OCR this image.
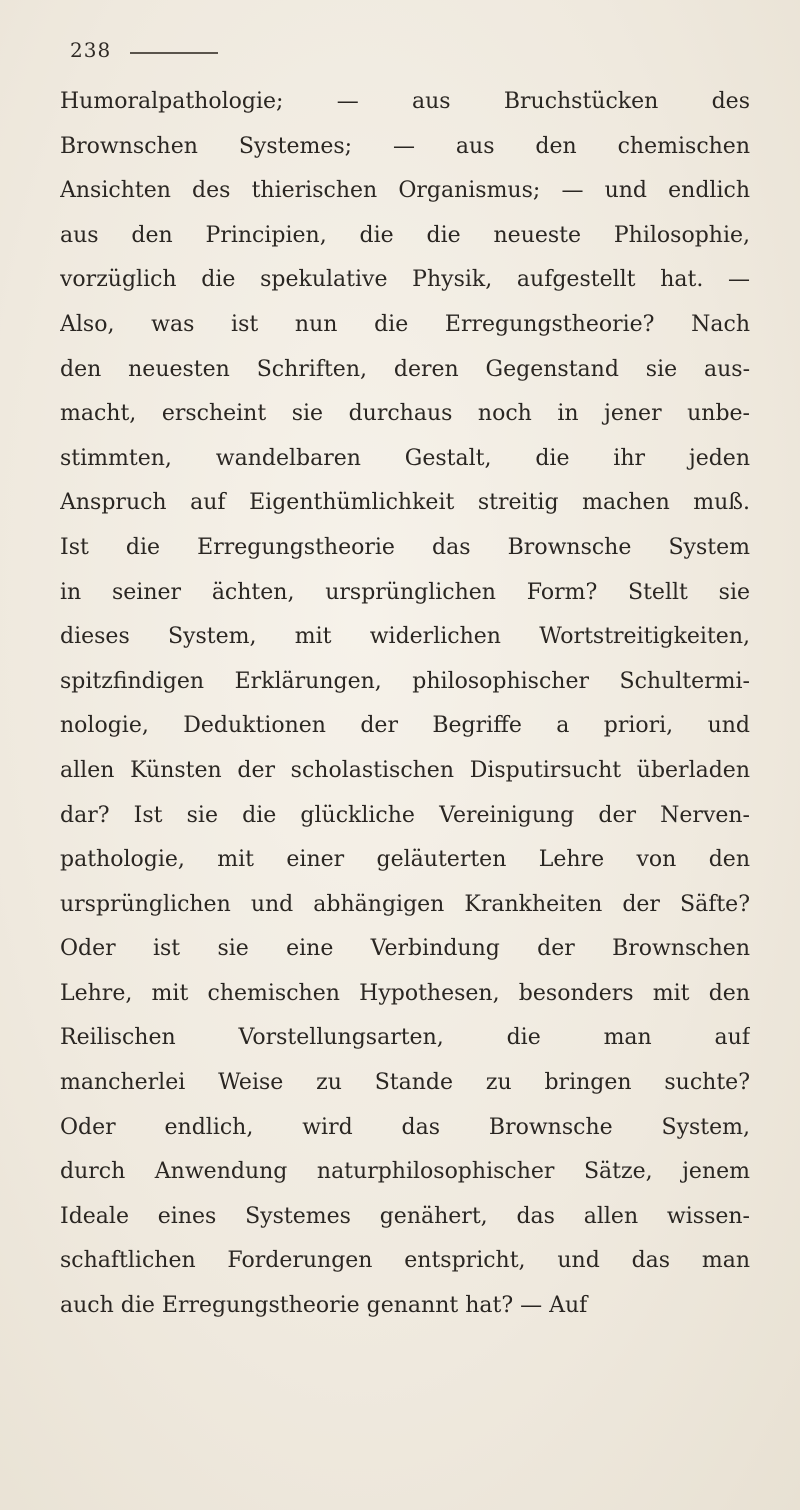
238
Humoralpathologie; — aus Bruchstücken des
Brownschen Systemes; — aus den chemischen
Ansichten des thierischen Organismus; — und endlich
aus den Principien, die die neueste Philosophie,
vorzüglich die spekulative Physik, aufgestellt hat. —
Also, was ist nun die Erregungstheorie? Nach
den neuesten Schriften, deren Gegenstand sie aus-
macht, erscheint sie durchaus noch in jener unbe-
stimmten, wandelbaren Gestalt, die ihr jeden
Anspruch auf Eigenthümlichkeit streitig machen muß.
Ist die Erregungstheorie das Brownsche System
in seiner ächten, ursprünglichen Form? Stellt sie
dieses System, mit widerlichen Wortstreitigkeiten,
spitzfindigen Erklärungen, philosophischer Schultermi-
nologie, Deduktionen der Begriffe a priori, und
allen Künsten der scholastischen Disputirsucht überladen
dar? Ist sie die glückliche Vereinigung der Nerven-
pathologie, mit einer geläuterten Lehre von den
ursprünglichen und abhängigen Krankheiten der Säfte?
Oder ist sie eine Verbindung der Brownschen
Lehre, mit chemischen Hypothesen, besonders mit den
Reilischen Vorstellungsarten, die man auf
mancherlei Weise zu Stande zu bringen suchte?
Oder endlich, wird das Brownsche System,
durch Anwendung naturphilosophischer Sätze, jenem
Ideale eines Systemes genähert, das allen wissen-
schaftlichen Forderungen entspricht, und das man
auch die Erregungstheorie genannt hat? — Auf
